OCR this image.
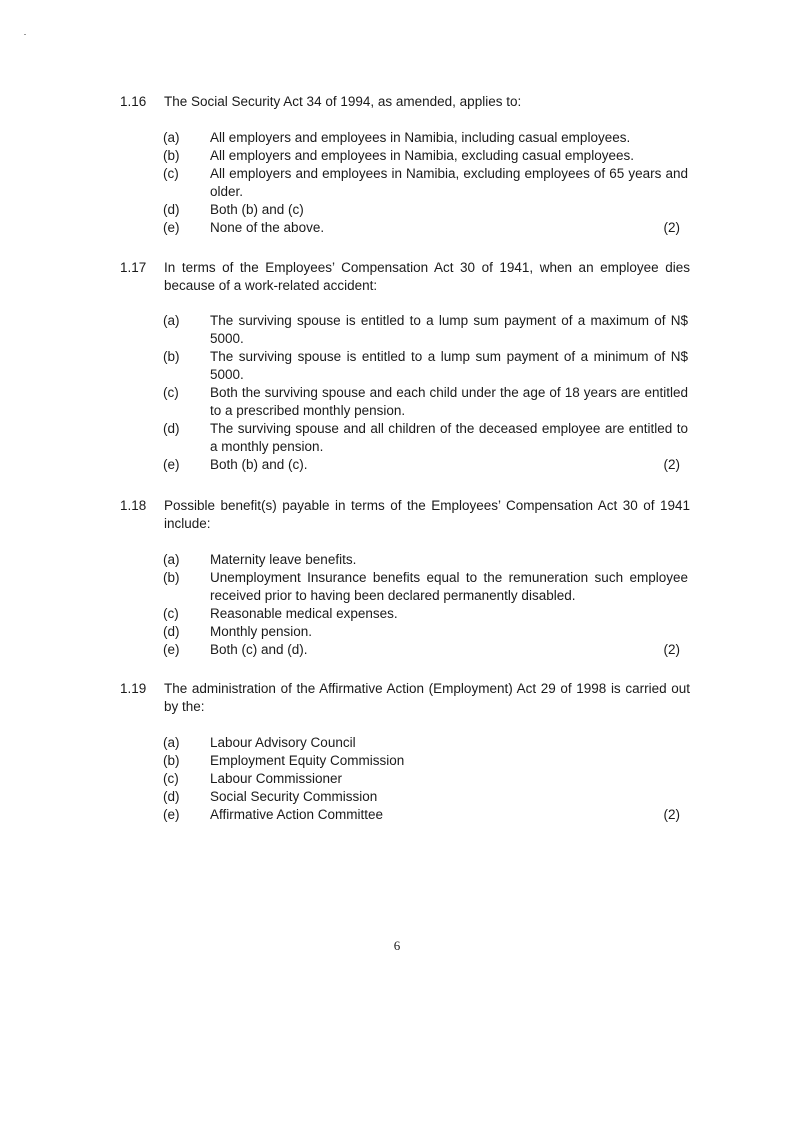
1.16 The Social Security Act 34 of 1994, as amended, applies to:
(a) All employers and employees in Namibia, including casual employees.
(b) All employers and employees in Namibia, excluding casual employees.
(c) All employers and employees in Namibia, excluding employees of 65 years and older.
(d) Both (b) and (c)
(e) None of the above.	(2)
1.17 In terms of the Employees’ Compensation Act 30 of 1941, when an employee dies because of a work-related accident:
(a) The surviving spouse is entitled to a lump sum payment of a maximum of N$ 5000.
(b) The surviving spouse is entitled to a lump sum payment of a minimum of N$ 5000.
(c) Both the surviving spouse and each child under the age of 18 years are entitled to a prescribed monthly pension.
(d) The surviving spouse and all children of the deceased employee are entitled to a monthly pension.
(e) Both (b) and (c).	(2)
1.18 Possible benefit(s) payable in terms of the Employees’ Compensation Act 30 of 1941 include:
(a) Maternity leave benefits.
(b) Unemployment Insurance benefits equal to the remuneration such employee received prior to having been declared permanently disabled.
(c) Reasonable medical expenses.
(d) Monthly pension.
(e) Both (c) and (d).	(2)
1.19 The administration of the Affirmative Action (Employment) Act 29 of 1998 is carried out by the:
(a) Labour Advisory Council
(b) Employment Equity Commission
(c) Labour Commissioner
(d) Social Security Commission
(e) Affirmative Action Committee	(2)
6
